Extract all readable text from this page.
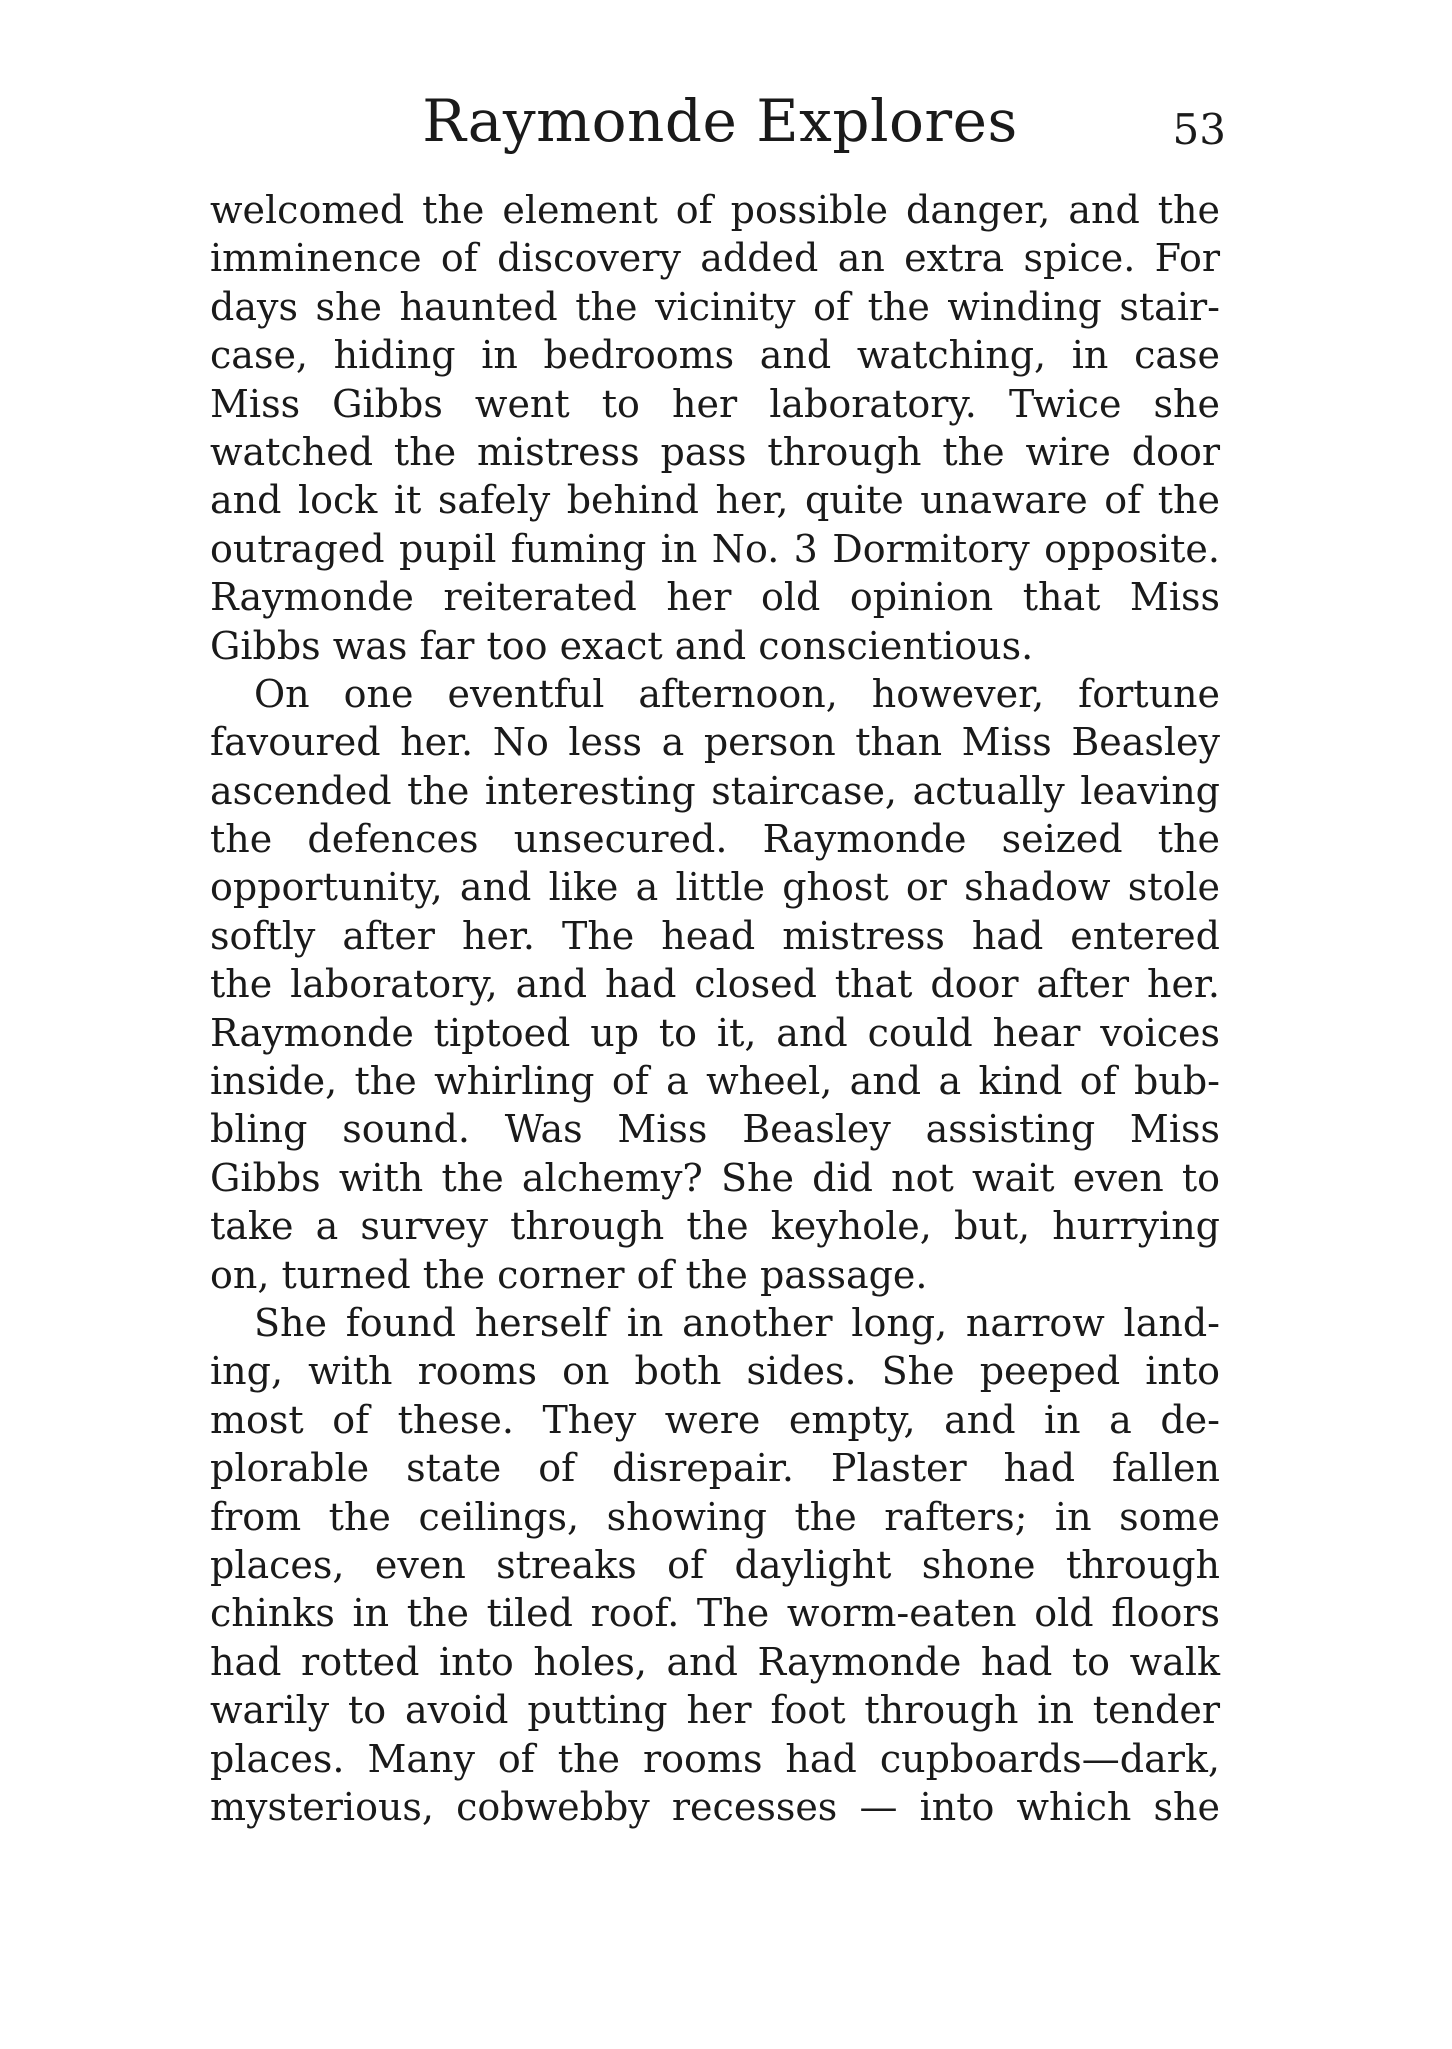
Raymonde Explores	53
welcomed the element of possible danger, and the
imminence of discovery added an extra spice. For
days she haunted the vicinity of the winding stair-
case, hiding in bedrooms and watching, in case
Miss Gibbs went to her laboratory. Twice she
watched the mistress pass through the wire door
and lock it safely behind her, quite unaware of the
outraged pupil fuming in No. 3 Dormitory opposite.
Raymonde reiterated her old opinion that Miss
Gibbs was far too exact and conscientious.
On one eventful afternoon, however, fortune
favoured her. No less a person than Miss Beasley
ascended the interesting staircase, actually leaving
the defences unsecured. Raymonde seized the
opportunity, and like a little ghost or shadow stole
softly after her. The head mistress had entered
the laboratory, and had closed that door after her.
Raymonde tiptoed up to it, and could hear voices
inside, the whirling of a wheel, and a kind of bub-
bling sound. Was Miss Beasley assisting Miss
Gibbs with the alchemy? She did not wait even to
take a survey through the keyhole, but, hurrying
on, turned the corner of the passage.
She found herself in another long, narrow land-
ing, with rooms on both sides. She peeped into
most of these. They were empty, and in a de-
plorable state of disrepair. Plaster had fallen
from the ceilings, showing the rafters; in some
places, even streaks of daylight shone through
chinks in the tiled roof. The worm-eaten old floors
had rotted into holes, and Raymonde had to walk
warily to avoid putting her foot through in tender
places. Many of the rooms had cupboards—dark,
mysterious, cobwebby recesses — into which she
